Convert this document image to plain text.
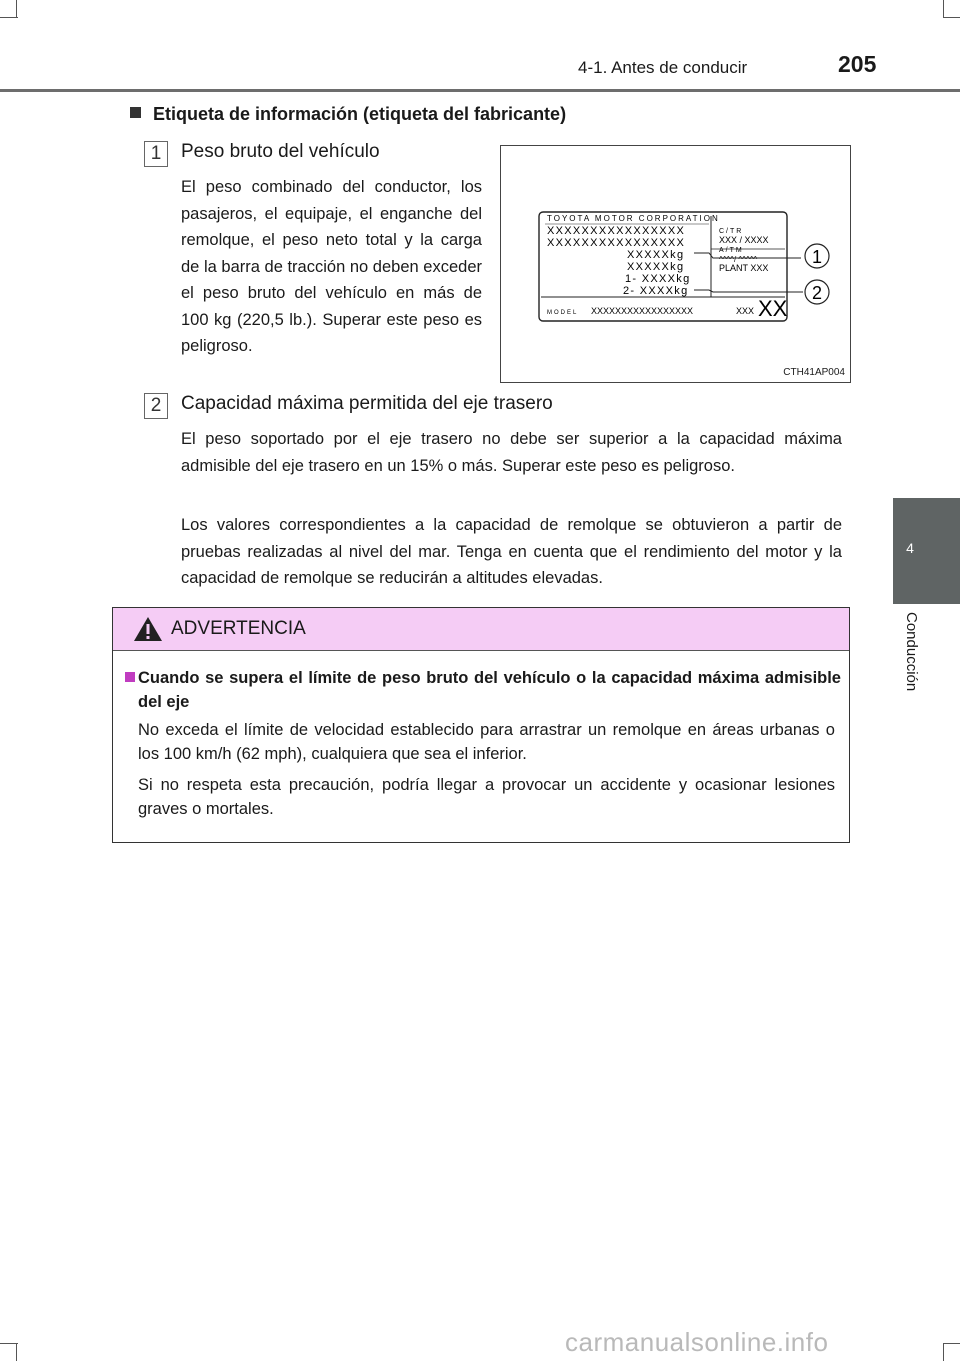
4-1. Antes de conducir	205
4
Conducción
Etiqueta de información (etiqueta del fabricante)
1	Peso bruto del vehículo
El peso combinado del conductor, los pasajeros, el equipaje, el enganche del remolque, el peso neto total y la carga de la barra de tracción no deben exceder el peso bruto del vehículo en más de 100 kg (220,5 lb.). Superar este peso es peligroso.
TOYOTA MOTOR CORPORATION
XXXXXXXXXXXXXXXX
XXXXXXXXXXXXXXXX
XXXXXkg
XXXXXkg
1- XXXXkg
2- XXXXkg
C/TR
XXX / XXXX
A/TM
^^^^/ ^^^^^
PLANT XXX
MODEL XXXXXXXXXXXXXXXXX	XXX XX
1
2
CTH41AP004
2	Capacidad máxima permitida del eje trasero
El peso soportado por el eje trasero no debe ser superior a la capacidad máxima admisible del eje trasero en un 15% o más. Superar este peso es peligroso.
Los valores correspondientes a la capacidad de remolque se obtuvieron a partir de pruebas realizadas al nivel del mar. Tenga en cuenta que el rendimiento del motor y la capacidad de remolque se reducirán a altitudes elevadas.
ADVERTENCIA
Cuando se supera el límite de peso bruto del vehículo o la capacidad máxima admisible del eje
No exceda el límite de velocidad establecido para arrastrar un remolque en áreas urbanas o los 100 km/h (62 mph), cualquiera que sea el inferior.
Si no respeta esta precaución, podría llegar a provocar un accidente y ocasionar lesiones graves o mortales.
carmanualsonline.info
